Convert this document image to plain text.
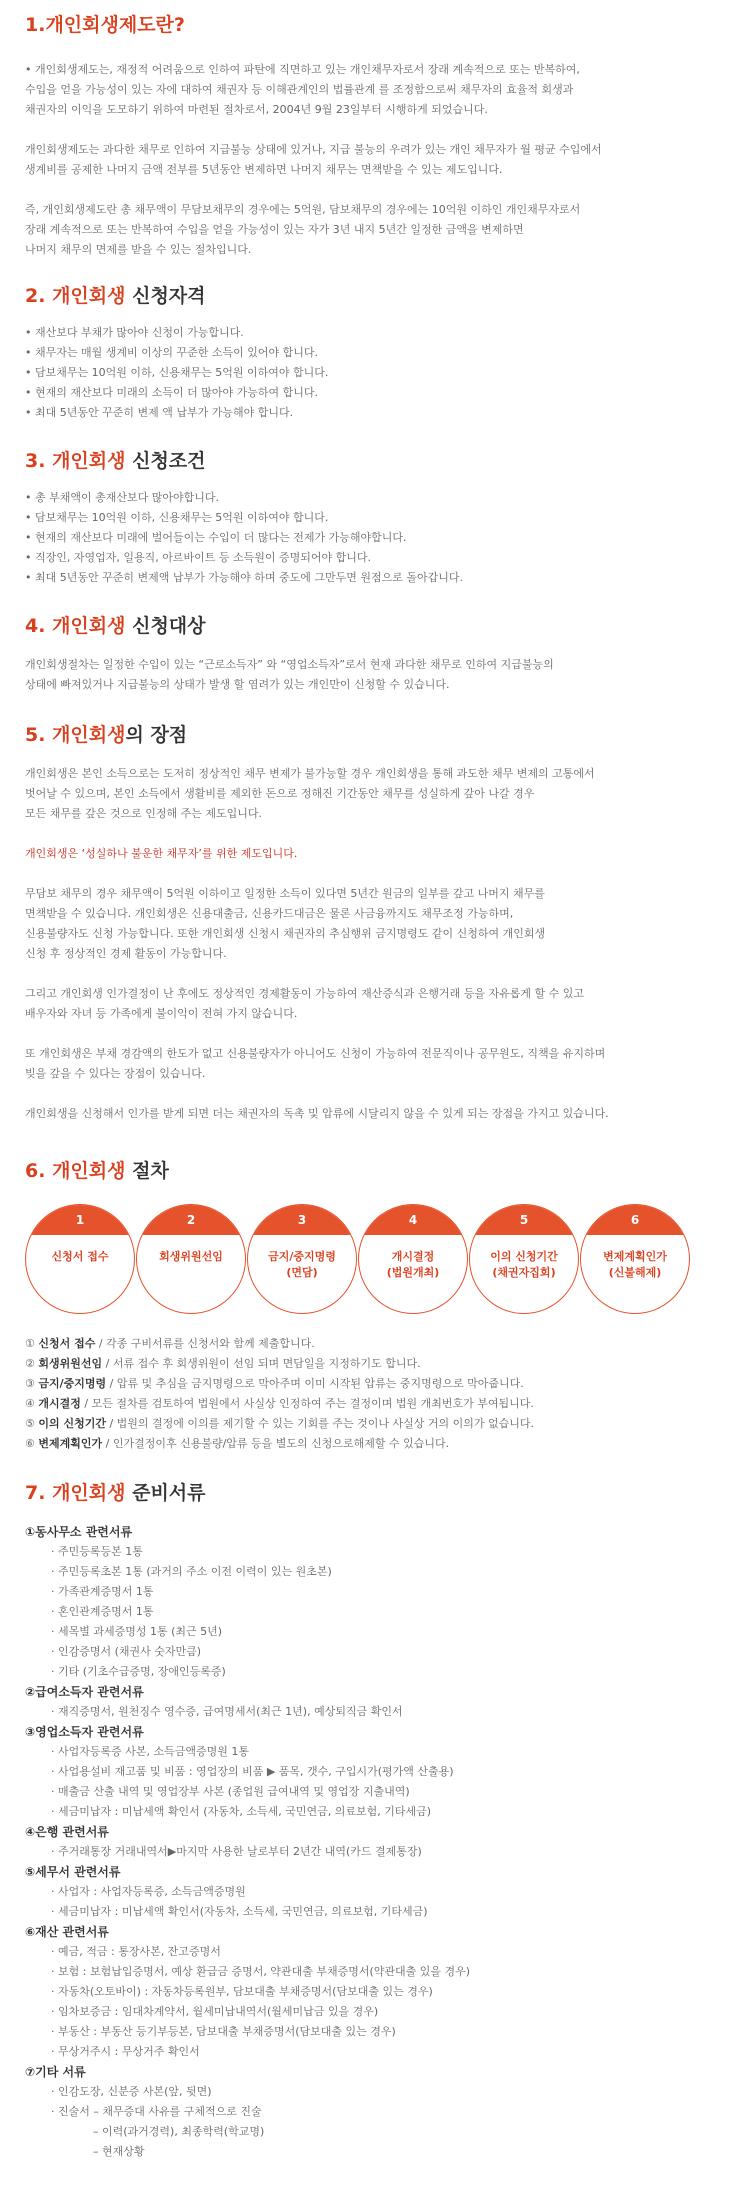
1.개인회생제도란?

• 개인회생제도는, 재정적 어려움으로 인하여 파탄에 직면하고 있는 개인채무자로서 장래 계속적으로 또는 반복하여,

수입을 얻을 가능성이 있는 자에 대하여 채권자 등 이해관계인의 법률관계 를 조정함으로써 채무자의 효율적 회생과

채권자의 이익을 도모하기 위하여 마련된 절차로서, 2004년 9월 23일부터 시행하게 되었습니다.

개인회생제도는 과다한 채무로 인하여 지급불능 상태에 있거나, 지급 불능의 우려가 있는 개인 채무자가 월 평균 수입에서

생계비를 공제한 나머지 금액 전부를 5년동안 변제하면 나머지 채무는 면책받을 수 있는 제도입니다.

즉, 개인회생제도란 총 채무액이 무담보채무의 경우에는 5억원, 담보채무의 경우에는 10억원 이하인 개인채무자로서

장래 계속적으로 또는 반복하여 수입을 얻을 가능성이 있는 자가 3년 내지 5년간 일정한 금액을 변제하면

나머지 채무의 면제를 받을 수 있는 절차입니다.

2. 개인회생 신청자격
• 재산보다 부채가 많아야 신청이 가능합니다.
• 채무자는 매월 생계비 이상의 꾸준한 소득이 있어야 합니다.
• 담보채무는 10억원 이하, 신용채무는 5억원 이하여야 합니다.
• 현재의 재산보다 미래의 소득이 더 많아야 가능하여 합니다.
• 최대 5년동안 꾸준히 변제 액 납부가 가능해야 합니다.
3. 개인회생 신청조건
• 총 부채액이 총재산보다 많아야합니다.
• 담보채무는 10억원 이하, 신용채무는 5억원 이하여야 합니다.
• 현재의 재산보다 미래에 벌어들이는 수입이 더 많다는 전제가 가능해야합니다.
• 직장인, 자영업자, 일용직, 아르바이트 등 소득원이 증명되어야 합니다.
• 최대 5년동안 꾸준히 변제액 납부가 가능해야 하며 중도에 그만두면 원점으로 돌아갑니다.
4. 개인회생 신청대상

개인회생절차는 일정한 수입이 있는 “근로소득자” 와 “영업소득자”로서 현재 과다한 채무로 인하여 지급불능의

상태에 빠져있거나 지급불능의 상태가 발생 할 염려가 있는 개인만이 신청할 수 있습니다.

5. 개인회생의 장점

개인회생은 본인 소득으로는 도저히 정상적인 채무 변제가 불가능할 경우 개인회생을 통해 과도한 채무 변제의 고통에서

벗어날 수 있으며, 본인 소득에서 생활비를 제외한 돈으로 정해진 기간동안 채무를 성실하게 갚아 나갈 경우

모든 채무를 갚은 것으로 인정해 주는 제도입니다.

개인회생은 ‘성실하나 불운한 채무자’를 위한 제도입니다.

무담보 채무의 경우 채무액이 5억원 이하이고 일정한 소득이 있다면 5년간 원금의 일부를 갚고 나머지 채무를

면책받을 수 있습니다. 개인회생은 신용대출금, 신용카드대금은 물론 사금융까지도 채무조정 가능하며,

신용불량자도 신청 가능합니다. 또한 개인회생 신청시 채권자의 추심행위 금지명령도 같이 신청하여 개인회생

신청 후 정상적인 경제 활동이 가능합니다.

그리고 개인회생 인가결정이 난 후에도 정상적인 경제활동이 가능하여 재산증식과 은행거래 등을 자유롭게 할 수 있고

배우자와 자녀 등 가족에게 불이익이 전혀 가지 않습니다.

또 개인회생은 부채 경감액의 한도가 없고 신용불량자가 아니어도 신청이 가능하여 전문직이나 공무원도, 직책을 유지하며

빚을 갚을 수 있다는 장점이 있습니다.

개인회생을 신청해서 인가를 받게 되면 더는 채권자의 독촉 및 압류에 시달리지 않을 수 있게 되는 장점을 가지고 있습니다.

6. 개인회생 절차
1
신청서 접수
2
회생위원선임
3
금지/중지명령
(면담)
4
개시결정
(법원개최)
5
이의 신청기간
(채권자집회)
6
변제계획인가
(신불해제)
① 신청서 접수 / 각종 구비서류를 신청서와 함께 제출합니다.
② 회생위원선임 / 서류 접수 후 회생위원이 선임 되며 면담일을 지정하기도 합니다.
③ 금지/중지명령 / 압류 및 추심을 금지명령으로 막아주며 이미 시작된 압류는 중지명령으로 막아줍니다.
④ 개시결정 / 모든 절차를 검토하여 법원에서 사실상 인정하여 주는 결정이며 법원 개최번호가 부여됩니다.
⑤ 이의 신청기간 / 법원의 결정에 이의를 제기할 수 있는 기회를 주는 것이나 사실상 거의 이의가 없습니다.
⑥ 변제계획인가 / 인가결정이후 신용불량/압류 등을 별도의 신청으로해제할 수 있습니다.
7. 개인회생 준비서류
①동사무소 관련서류
· 주민등록등본 1통
· 주민등록초본 1통 (과거의 주소 이전 이력이 있는 원초본)
· 가족관계증명서 1통
· 혼인관계증명서 1통
· 세목별 과세증명성 1통 (최근 5년)
· 인감증명서 (채권사 숫자만큼)
· 기타 (기초수급증명, 장애인등록증)
②급여소득자 관련서류
· 재직증명서, 원천징수 영수증, 급여명세서(최근 1년), 예상퇴직금 확인서
③영업소득자 관련서류
· 사업자등록증 사본, 소득금액증명원 1통
· 사업용설비 재고품 및 비품 : 영업장의 비품 ▶ 품목, 갯수, 구입시가(평가액 산출용)
· 매출금 산출 내역 및 영업장부 사본 (종업원 급여내역 및 영업장 지출내역)
· 세금미납자 : 미납세액 확인서 (자동차, 소득세, 국민연금, 의료보험, 기타세금)
④은행 관련서류
· 주거래통장 거래내역서▶마지막 사용한 날로부터 2년간 내역(카드 결제통장)
⑤세무서 관련서류
· 사업자 : 사업자등록증, 소득금액증명원
· 세금미납자 : 미납세액 확인서(자동차, 소득세, 국민연금, 의료보험, 기타세금)
⑥재산 관련서류
· 예금, 적금 : 통장사본, 잔고증명서
· 보험 : 보험납입증명서, 예상 환급금 증명서, 약관대출 부채증명서(약관대출 있을 경우)
· 자동차(오토바이) : 자동차등록원부, 담보대출 부채증명서(담보대출 있는 경우)
· 임차보증금 : 임대차계약서, 월세미납내역서(월세미납금 있을 경우)
· 부동산 : 부동산 등기부등본, 담보대출 부채증명서(담보대출 있는 경우)
· 무상거주시 : 무상거주 확인서
⑦기타 서류
· 인감도장, 신분증 사본(앞, 뒷면)
· 진술서 – 채무증대 사유를 구체적으로 진술
– 이력(과거경력), 최종학력(학교명)
– 현재상황
